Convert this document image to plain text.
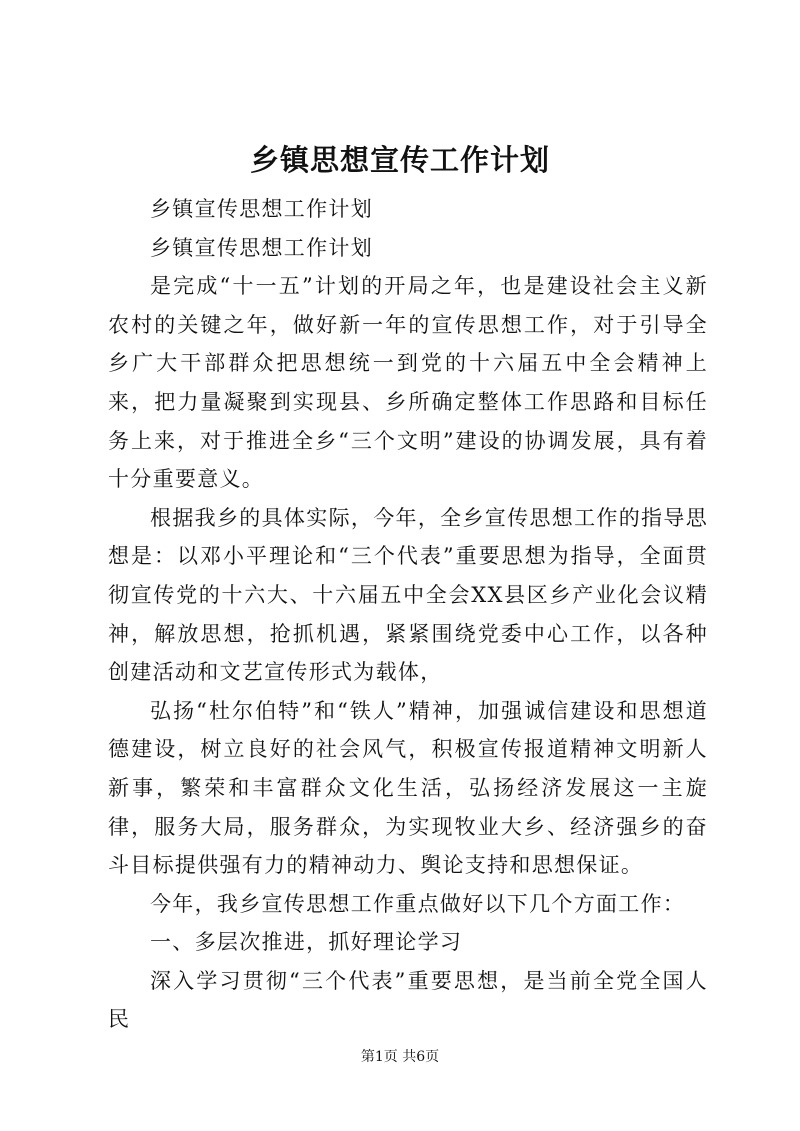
乡镇思想宣传工作计划

乡镇宣传思想工作计划

乡镇宣传思想工作计划

是完成“十一五”计划的开局之年，也是建设社会主义新农村的关键之年，做好新一年的宣传思想工作，对于引导全乡广大干部群众把思想统一到党的十六届五中全会精神上来，把力量凝聚到实现县、乡所确定整体工作思路和目标任务上来，对于推进全乡“三个文明”建设的协调发展，具有着十分重要意义。

根据我乡的具体实际，今年，全乡宣传思想工作的指导思想是：以邓小平理论和“三个代表”重要思想为指导，全面贯彻宣传党的十六大、十六届五中全会XX县区乡产业化会议精神，解放思想，抢抓机遇，紧紧围绕党委中心工作，以各种创建活动和文艺宣传形式为载体，

弘扬“杜尔伯特”和“铁人”精神，加强诚信建设和思想道德建设，树立良好的社会风气，积极宣传报道精神文明新人新事，繁荣和丰富群众文化生活，弘扬经济发展这一主旋律，服务大局，服务群众，为实现牧业大乡、经济强乡的奋斗目标提供强有力的精神动力、舆论支持和思想保证。

今年，我乡宣传思想工作重点做好以下几个方面工作：

一、多层次推进，抓好理论学习

深入学习贯彻“三个代表”重要思想，是当前全党全国人民

第1页 共6页
